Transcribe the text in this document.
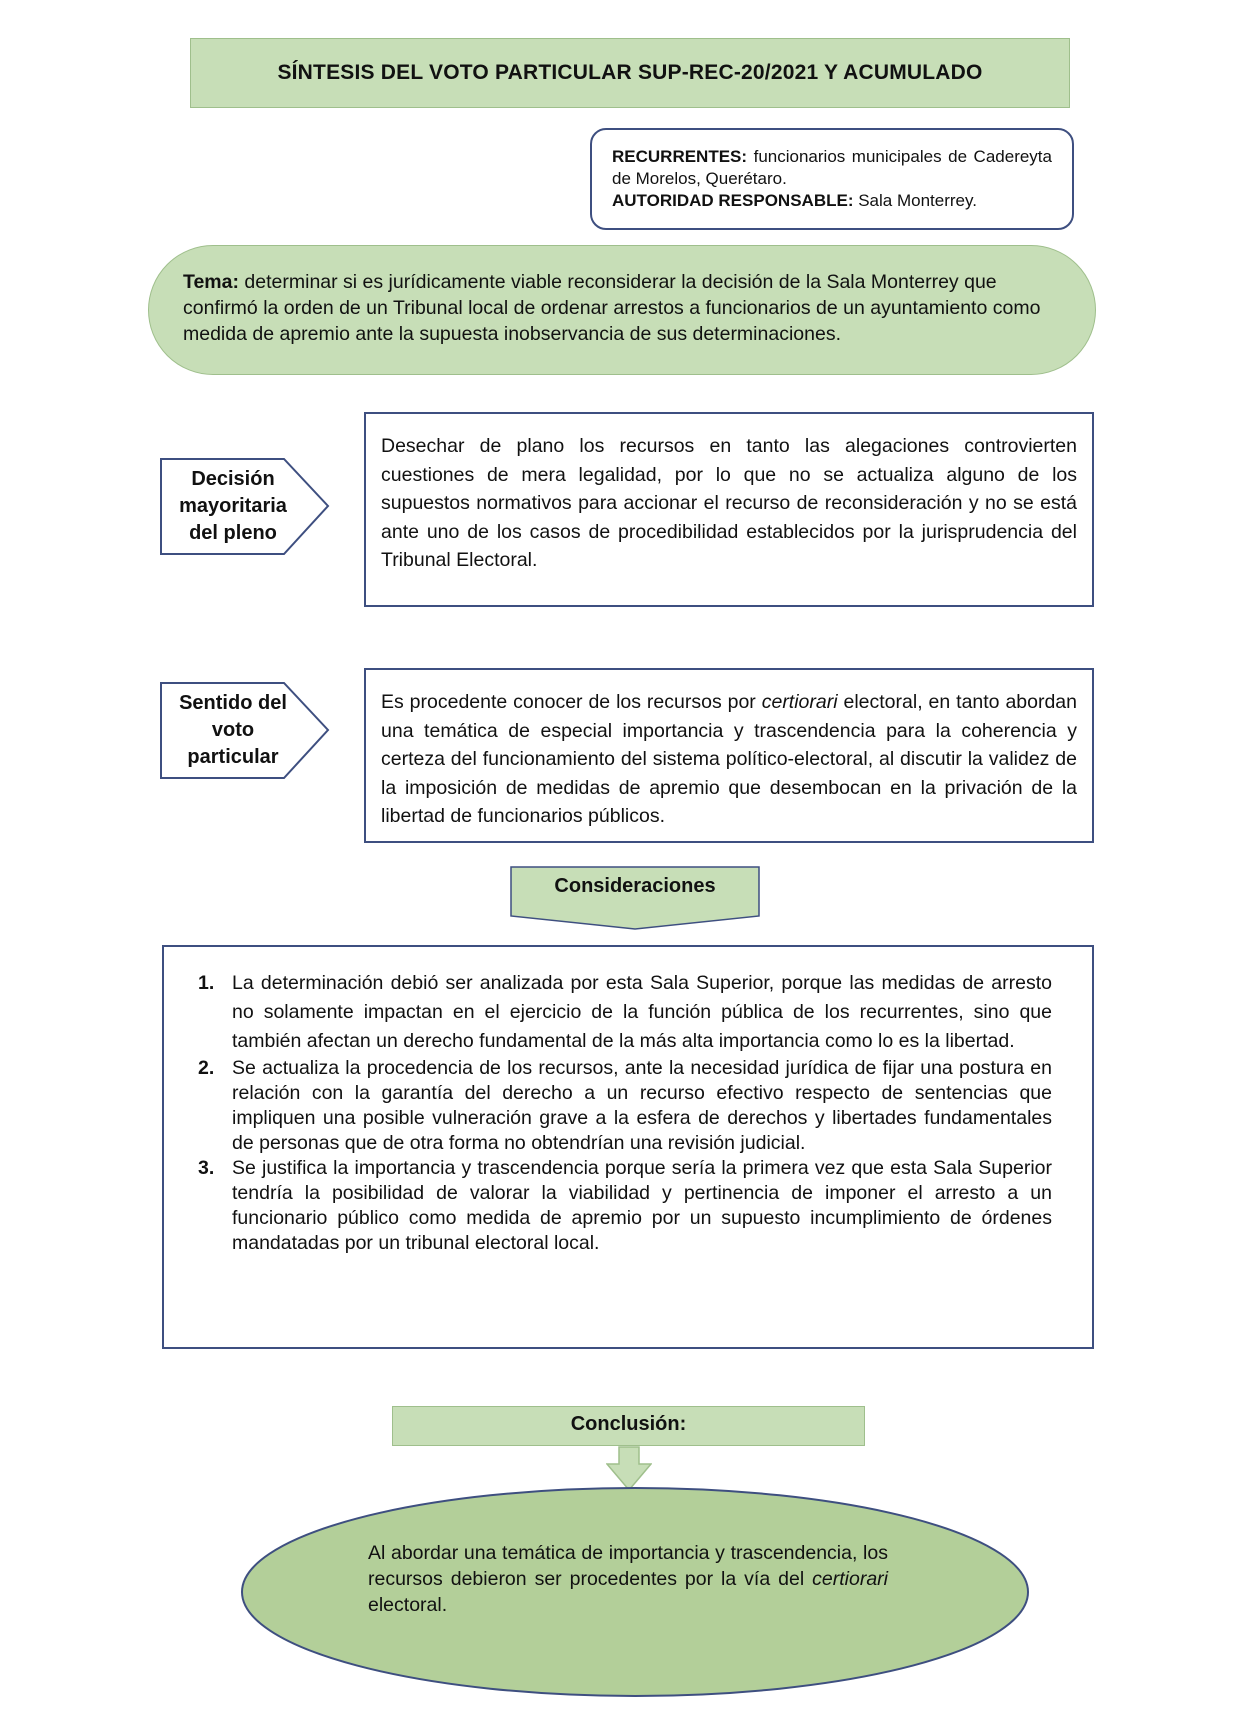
SÍNTESIS DEL VOTO PARTICULAR SUP-REC-20/2021 Y ACUMULADO
RECURRENTES: funcionarios municipales de Cadereyta de Morelos, Querétaro.
AUTORIDAD RESPONSABLE: Sala Monterrey.
Tema: determinar si es jurídicamente viable reconsiderar la decisión de la Sala Monterrey que confirmó la orden de un Tribunal local de ordenar arrestos a funcionarios de un ayuntamiento como medida de apremio ante la supuesta inobservancia de sus determinaciones.
Decisión
mayoritaria
del pleno
Desechar de plano los recursos en tanto las alegaciones controvierten cuestiones de mera legalidad, por lo que no se actualiza alguno de los supuestos normativos para accionar el recurso de reconsideración y no se está ante uno de los casos de procedibilidad establecidos por la jurisprudencia del Tribunal Electoral.
Sentido del
voto
particular
Es procedente conocer de los recursos por certiorari electoral, en tanto abordan una temática de especial importancia y trascendencia para la coherencia y certeza del funcionamiento del sistema político-electoral, al discutir la validez de la imposición de medidas de apremio que desembocan en la privación de la libertad de funcionarios públicos.
Consideraciones
1. La determinación debió ser analizada por esta Sala Superior, porque las medidas de arresto no solamente impactan en el ejercicio de la función pública de los recurrentes, sino que también afectan un derecho fundamental de la más alta importancia como lo es la libertad.
2. Se actualiza la procedencia de los recursos, ante la necesidad jurídica de fijar una postura en relación con la garantía del derecho a un recurso efectivo respecto de sentencias que impliquen una posible vulneración grave a la esfera de derechos y libertades fundamentales de personas que de otra forma no obtendrían una revisión judicial.
3. Se justifica la importancia y trascendencia porque sería la primera vez que esta Sala Superior tendría la posibilidad de valorar la viabilidad y pertinencia de imponer el arresto a un funcionario público como medida de apremio por un supuesto incumplimiento de órdenes mandatadas por un tribunal electoral local.
Conclusión:
Al abordar una temática de importancia y trascendencia, los recursos debieron ser procedentes por la vía del certiorari electoral.
